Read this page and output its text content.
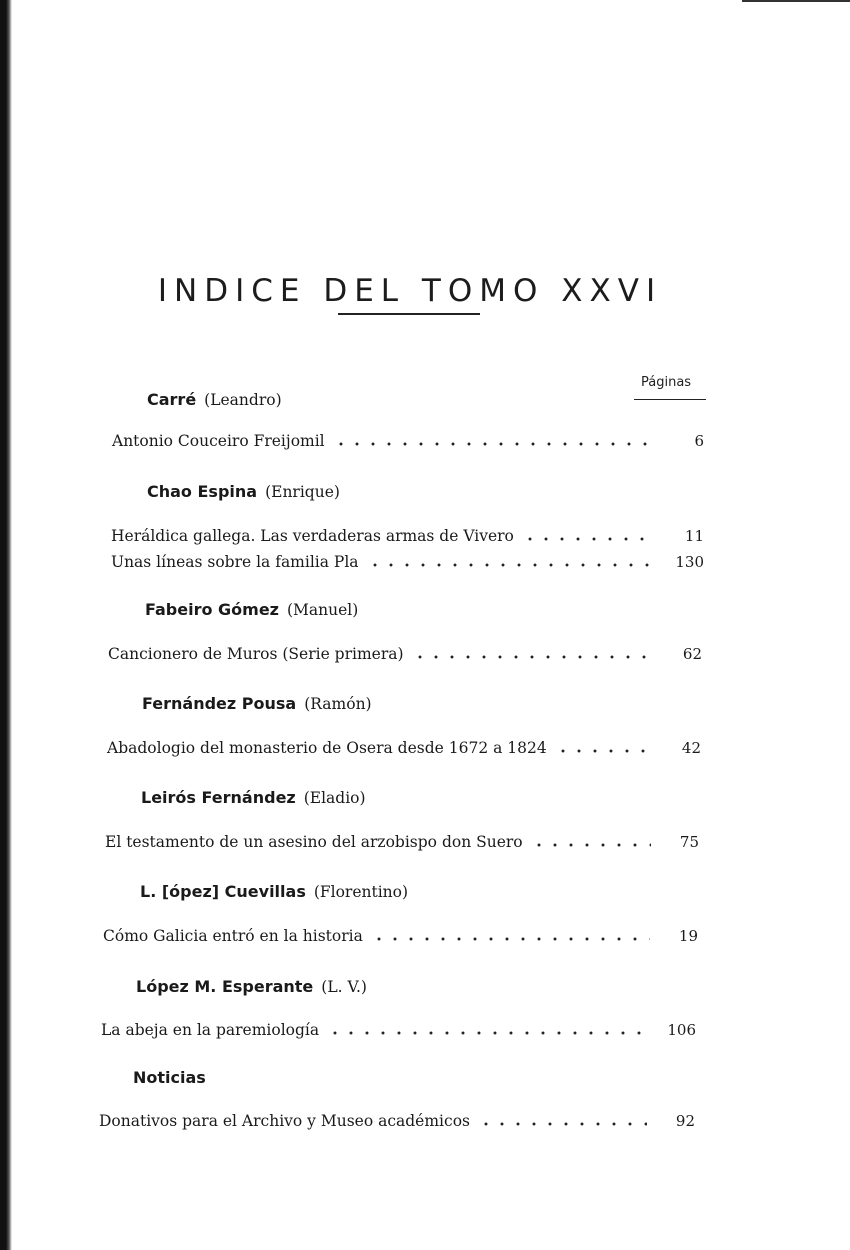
INDICE DEL TOMO XXVI
Páginas
Carré (Leandro)
Antonio Couceiro Freijomil	6
Chao Espina (Enrique)
Heráldica gallega. Las verdaderas armas de Vivero	11
Unas líneas sobre la familia Pla	130
Fabeiro Gómez (Manuel)
Cancionero de Muros (Serie primera)	62
Fernández Pousa (Ramón)
Abadologio del monasterio de Osera desde 1672 a 1824	42
Leirós Fernández (Eladio)
El testamento de un asesino del arzobispo don Suero	75
L. [ópez] Cuevillas (Florentino)
Cómo Galicia entró en la historia	19
López M. Esperante (L. V.)
La abeja en la paremiología	106
Noticias
Donativos para el Archivo y Museo académicos	92
